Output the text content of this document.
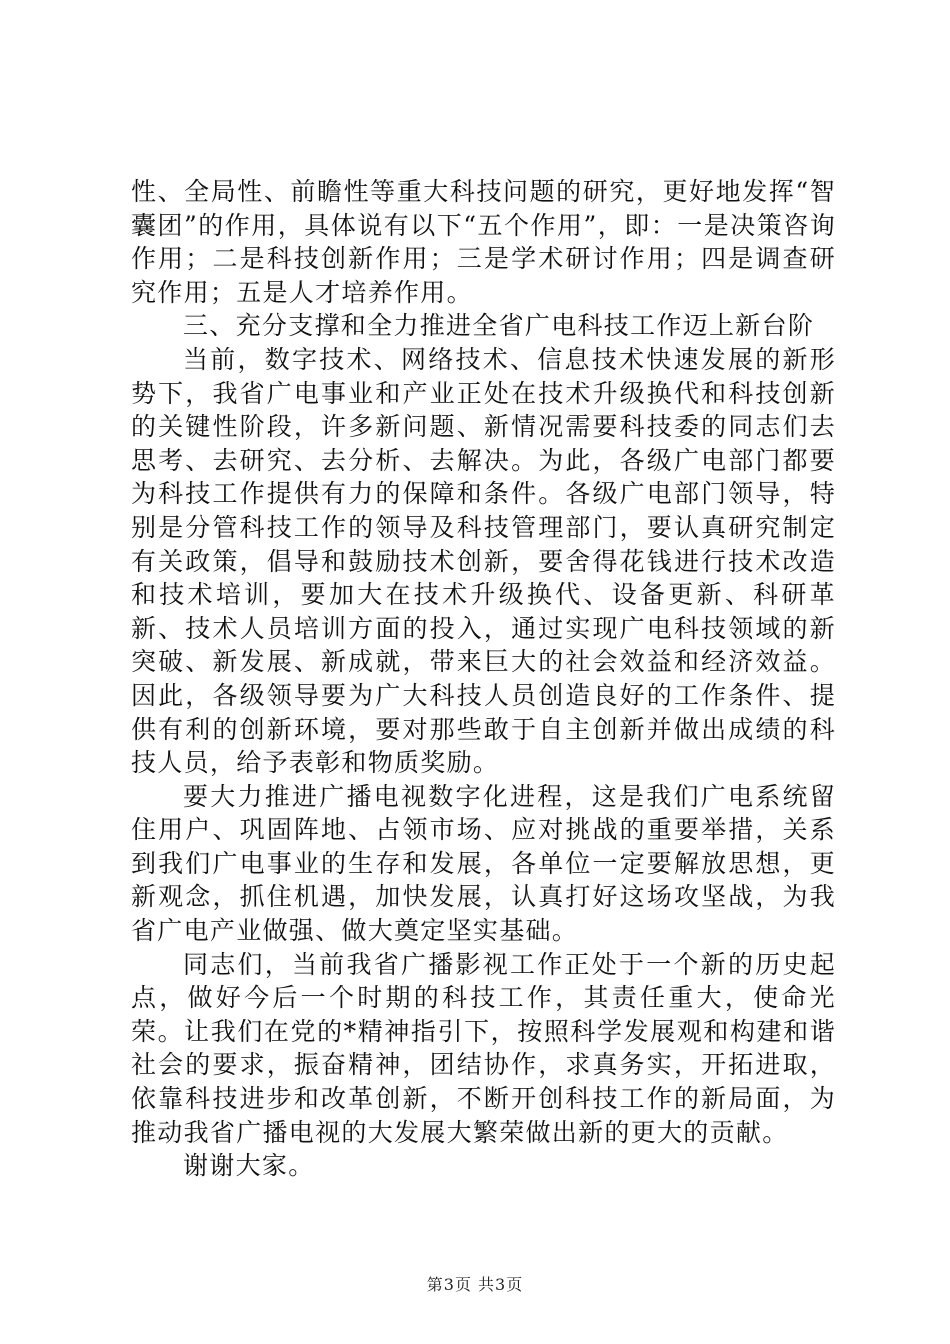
性、全局性、前瞻性等重大科技问题的研究，更好地发挥“智囊团”的作用，具体说有以下“五个作用”，即：一是决策咨询作用；二是科技创新作用；三是学术研讨作用；四是调查研究作用；五是人才培养作用。

三、充分支撑和全力推进全省广电科技工作迈上新台阶

当前，数字技术、网络技术、信息技术快速发展的新形势下，我省广电事业和产业正处在技术升级换代和科技创新的关键性阶段，许多新问题、新情况需要科技委的同志们去思考、去研究、去分析、去解决。为此，各级广电部门都要为科技工作提供有力的保障和条件。各级广电部门领导，特别是分管科技工作的领导及科技管理部门，要认真研究制定有关政策，倡导和鼓励技术创新，要舍得花钱进行技术改造和技术培训，要加大在技术升级换代、设备更新、科研革新、技术人员培训方面的投入，通过实现广电科技领域的新突破、新发展、新成就，带来巨大的社会效益和经济效益。因此，各级领导要为广大科技人员创造良好的工作条件、提供有利的创新环境，要对那些敢于自主创新并做出成绩的科技人员，给予表彰和物质奖励。

要大力推进广播电视数字化进程，这是我们广电系统留住用户、巩固阵地、占领市场、应对挑战的重要举措，关系到我们广电事业的生存和发展，各单位一定要解放思想，更新观念，抓住机遇，加快发展，认真打好这场攻坚战，为我省广电产业做强、做大奠定坚实基础。

同志们，当前我省广播影视工作正处于一个新的历史起点，做好今后一个时期的科技工作，其责任重大，使命光荣。让我们在党的*精神指引下，按照科学发展观和构建和谐社会的要求，振奋精神，团结协作，求真务实，开拓进取，依靠科技进步和改革创新，不断开创科技工作的新局面，为推动我省广播电视的大发展大繁荣做出新的更大的贡献。

谢谢大家。

第3页 共3页
